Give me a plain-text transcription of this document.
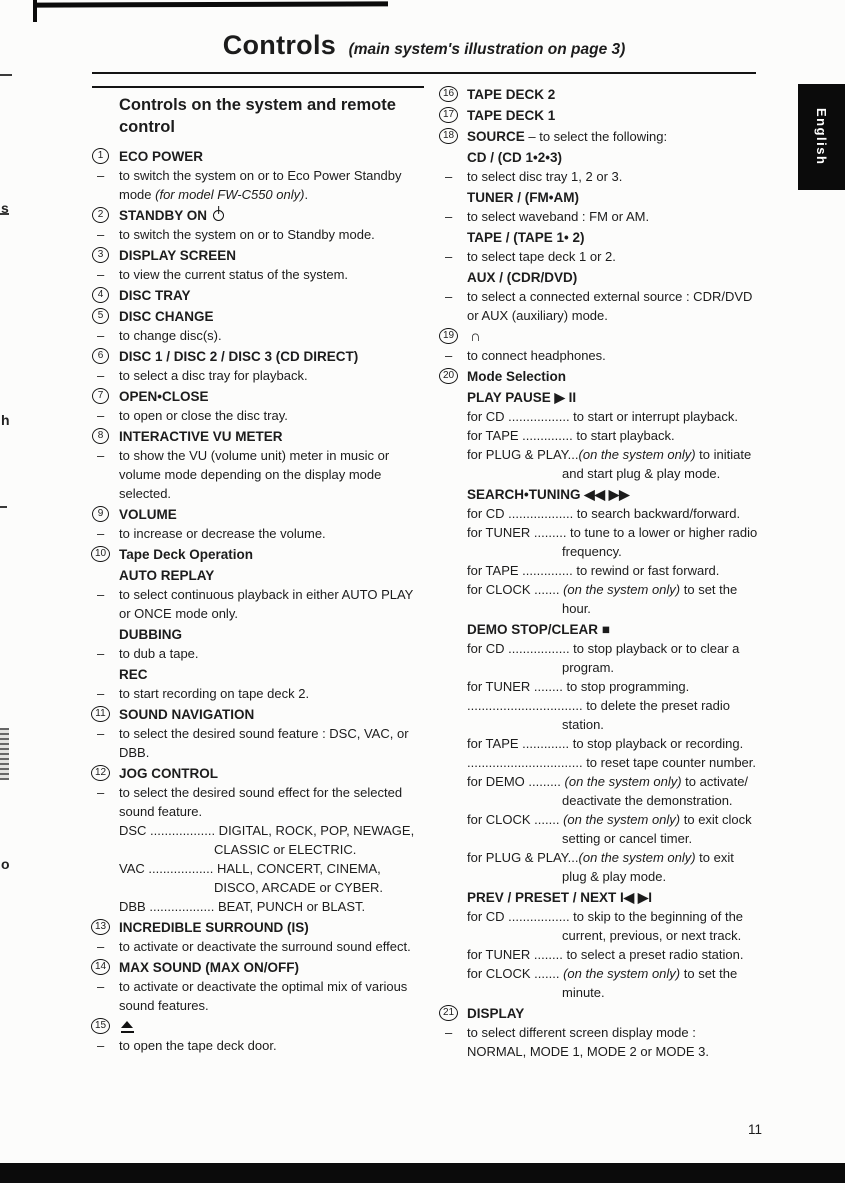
s
h
o
English
Controls (main system's illustration on page 3)
Controls on the system and remote control
1	ECO POWER
– to switch the system on or to Eco Power Standby mode (for model FW-C550 only).
2	STANDBY ON
– to switch the system on or to Standby mode.
3	DISPLAY SCREEN
– to view the current status of the system.
4	DISC TRAY
5	DISC CHANGE
– to change disc(s).
6	DISC 1 / DISC 2 / DISC 3 (CD DIRECT)
– to select a disc tray for playback.
7	OPEN•CLOSE
– to open or close the disc tray.
8	INTERACTIVE VU METER
– to show the VU (volume unit) meter in music or volume mode depending on the display mode selected.
9	VOLUME
– to increase or decrease the volume.
10 Tape Deck Operation
AUTO REPLAY
– to select continuous playback in either AUTO PLAY or ONCE mode only.
DUBBING
– to dub a tape.
REC
– to start recording on tape deck 2.
11 SOUND NAVIGATION
– to select the desired sound feature : DSC, VAC, or DBB.
12 JOG CONTROL
– to select the desired sound effect for the selected sound feature.
DSC .................. DIGITAL, ROCK, POP, NEWAGE, CLASSIC or ELECTRIC.
VAC .................. HALL, CONCERT, CINEMA, DISCO, ARCADE or CYBER.
DBB .................. BEAT, PUNCH or BLAST.
13 INCREDIBLE SURROUND (IS)
– to activate or deactivate the surround sound effect.
14 MAX SOUND (MAX ON/OFF)
– to activate or deactivate the optimal mix of various sound features.
15
– to open the tape deck door.
16 TAPE DECK 2
17 TAPE DECK 1
18 SOURCE – to select the following:
CD / (CD 1•2•3)
– to select disc tray 1, 2 or 3.
TUNER / (FM•AM)
– to select waveband : FM or AM.
TAPE / (TAPE 1• 2)
– to select tape deck 1 or 2.
AUX / (CDR/DVD)
– to select a connected external source : CDR/DVD or AUX (auxiliary) mode.
19 ∩
– to connect headphones.
20 Mode Selection
PLAY PAUSE ▶ II
for CD ................. to start or interrupt playback.
for TAPE .............. to start playback.
for PLUG & PLAY...(on the system only) to initiate and start plug & play mode.
SEARCH•TUNING ◀◀ ▶▶
for CD .................. to search backward/forward.
for TUNER ......... to tune to a lower or higher radio frequency.
for TAPE .............. to rewind or fast forward.
for CLOCK ....... (on the system only) to set the hour.
DEMO STOP/CLEAR ■
for CD ................. to stop playback or to clear a program.
for TUNER ........ to stop programming.
................................ to delete the preset radio station.
for TAPE ............. to stop playback or recording.
................................ to reset tape counter number.
for DEMO ......... (on the system only) to activate/ deactivate the demonstration.
for CLOCK ....... (on the system only) to exit clock setting or cancel timer.
for PLUG & PLAY...(on the system only) to exit plug & play mode.
PREV / PRESET / NEXT I◀ ▶I
for CD ................. to skip to the beginning of the current, previous, or next track.
for TUNER ........ to select a preset radio station.
for CLOCK ....... (on the system only) to set the minute.
21 DISPLAY
– to select different screen display mode : NORMAL, MODE 1, MODE 2 or MODE 3.
11
